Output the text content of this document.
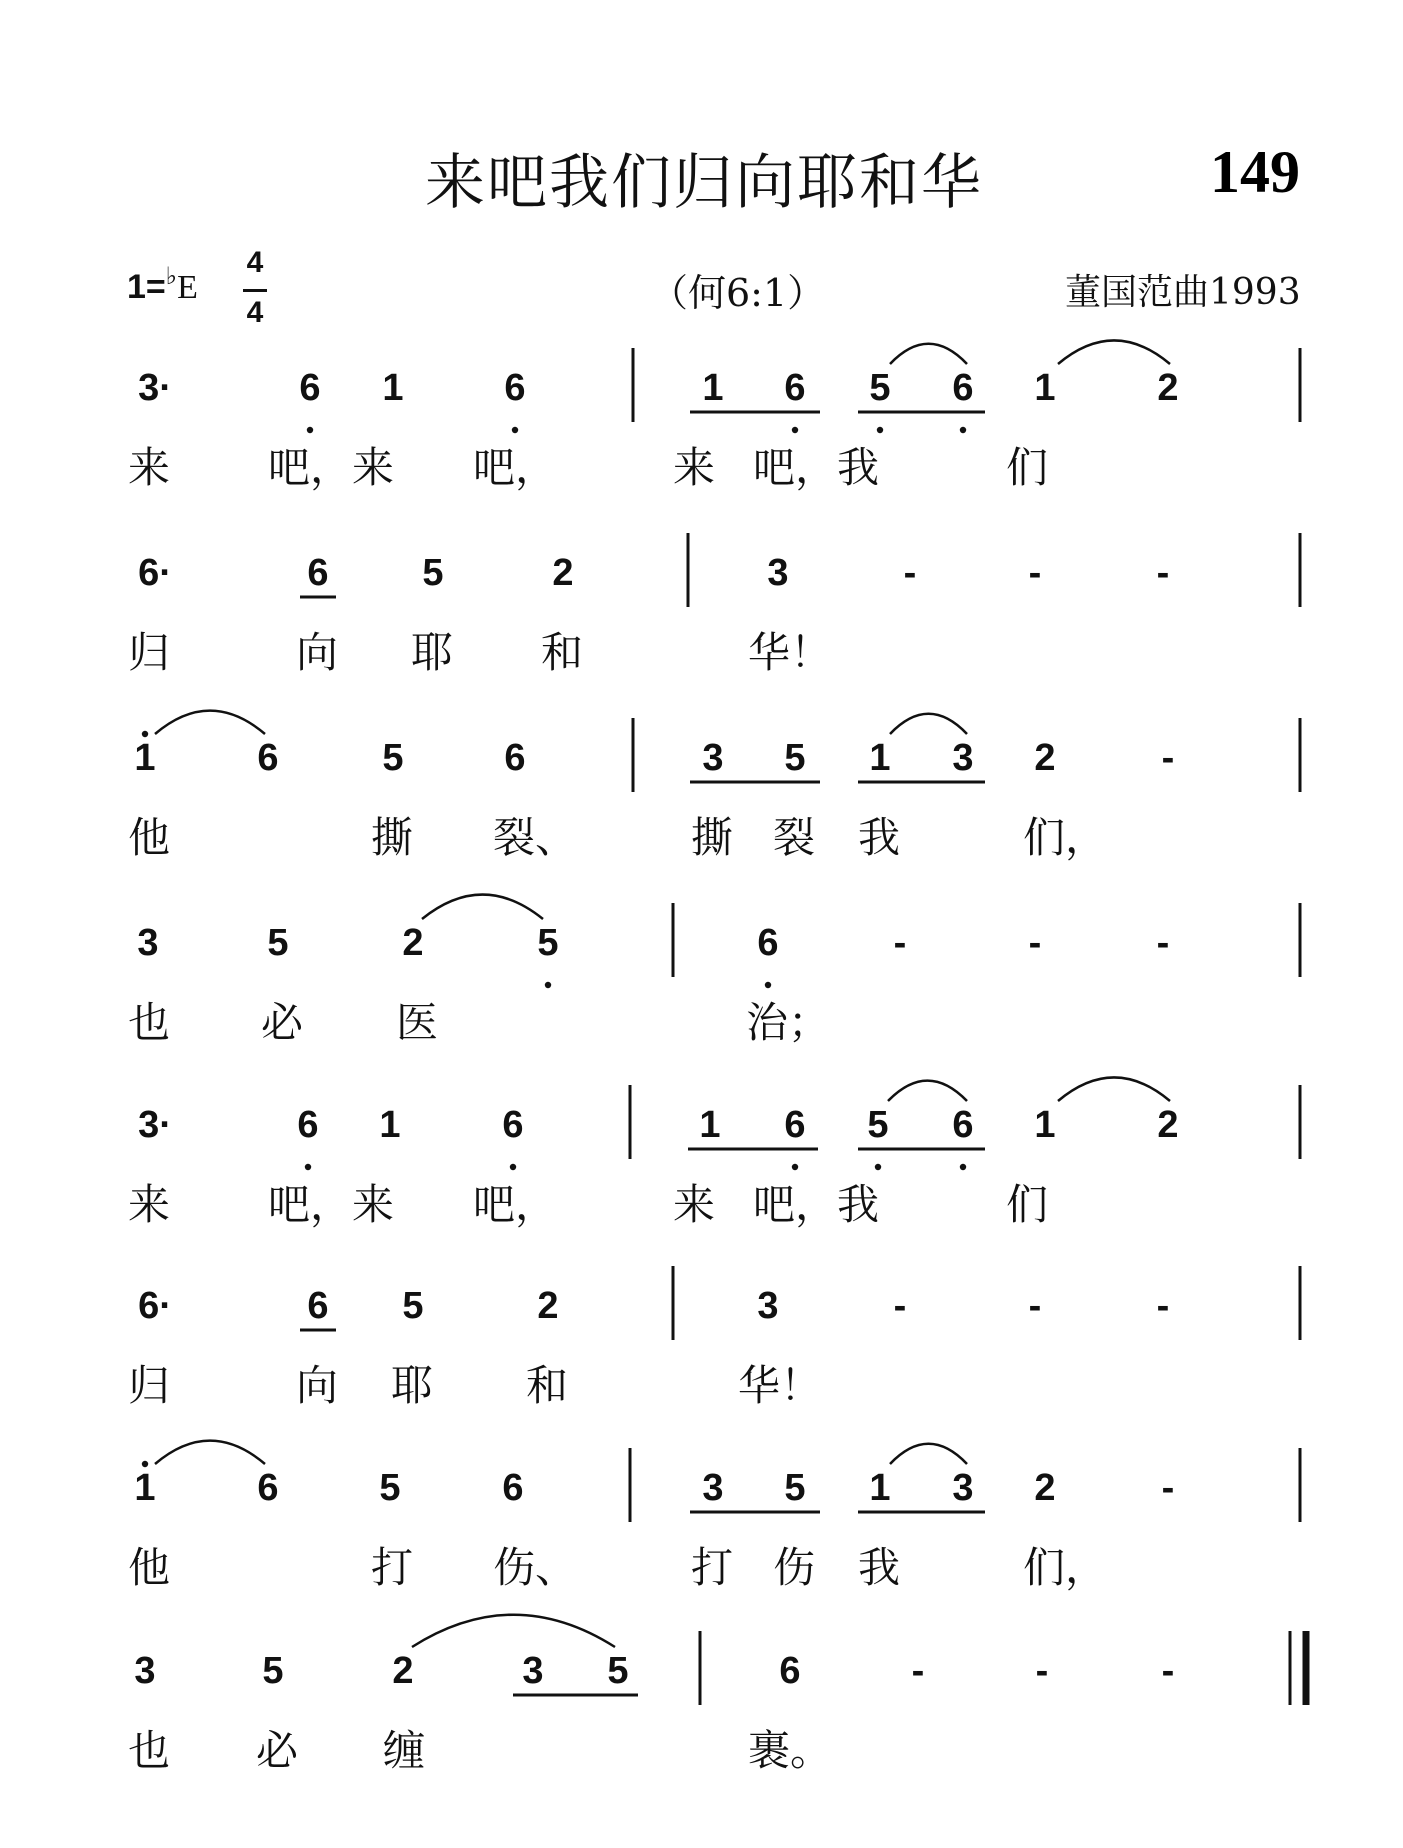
来吧我们归向耶和华	149
1=♭E
4
4	（何6:1）	董国范曲1993
3·	6 1	6	1 6 5 6 1	2
来 吧，来 吧，	来 吧，我	们
6·	6 5	2	3	-	-	-
归	向 耶 和	华！
1	6	5	6	3 5 1 3 2	-
他	撕 裂、	撕 裂 我	们，
3	5	2	5	6	-	-	-
也 必 医	治；
3·	6 1	6	1 6 5 6 1	2
来 吧，来 吧，	来 吧，我	们
6·	6 5	2	3	-	-	-
归	向 耶 和	华！
1	6	5	6	3 5 1 3 2	-
他	打 伤、	打 伤 我	们，
3	5	2	3 5	6	-	-	-
也 必 缠	裹。
